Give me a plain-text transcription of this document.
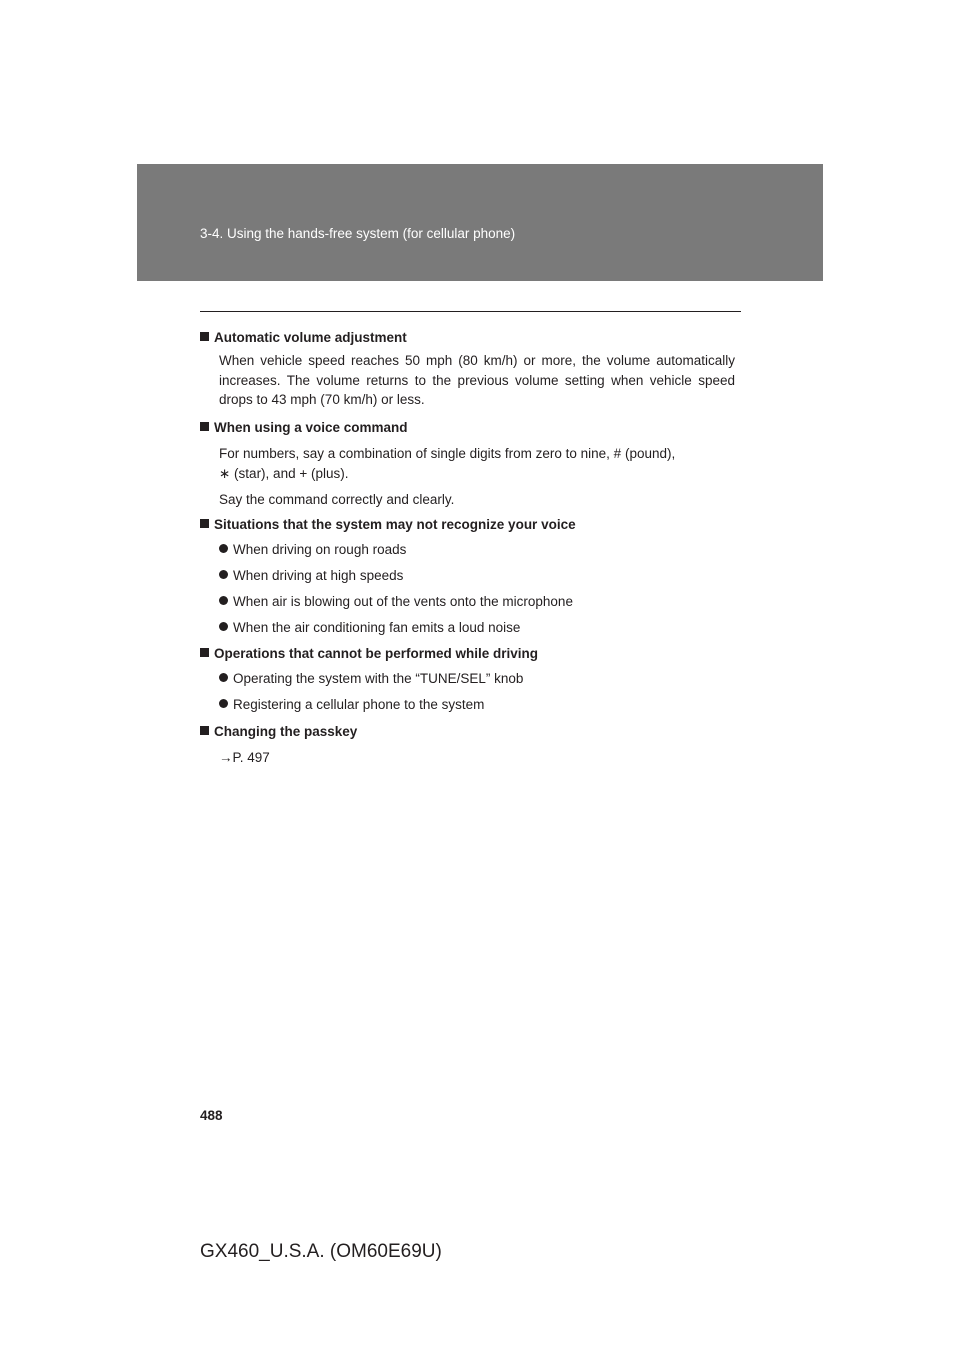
3-4. Using the hands-free system (for cellular phone)
Automatic volume adjustment
When vehicle speed reaches 50 mph (80 km/h) or more, the volume automatically increases. The volume returns to the previous volume setting when vehicle speed drops to 43 mph (70 km/h) or less.
When using a voice command
For numbers, say a combination of single digits from zero to nine, # (pound),
∗ (star), and + (plus).
Say the command correctly and clearly.
Situations that the system may not recognize your voice
When driving on rough roads
When driving at high speeds
When air is blowing out of the vents onto the microphone
When the air conditioning fan emits a loud noise
Operations that cannot be performed while driving
Operating the system with the “TUNE/SEL” knob
Registering a cellular phone to the system
Changing the passkey
→P. 497
488
GX460_U.S.A. (OM60E69U)
